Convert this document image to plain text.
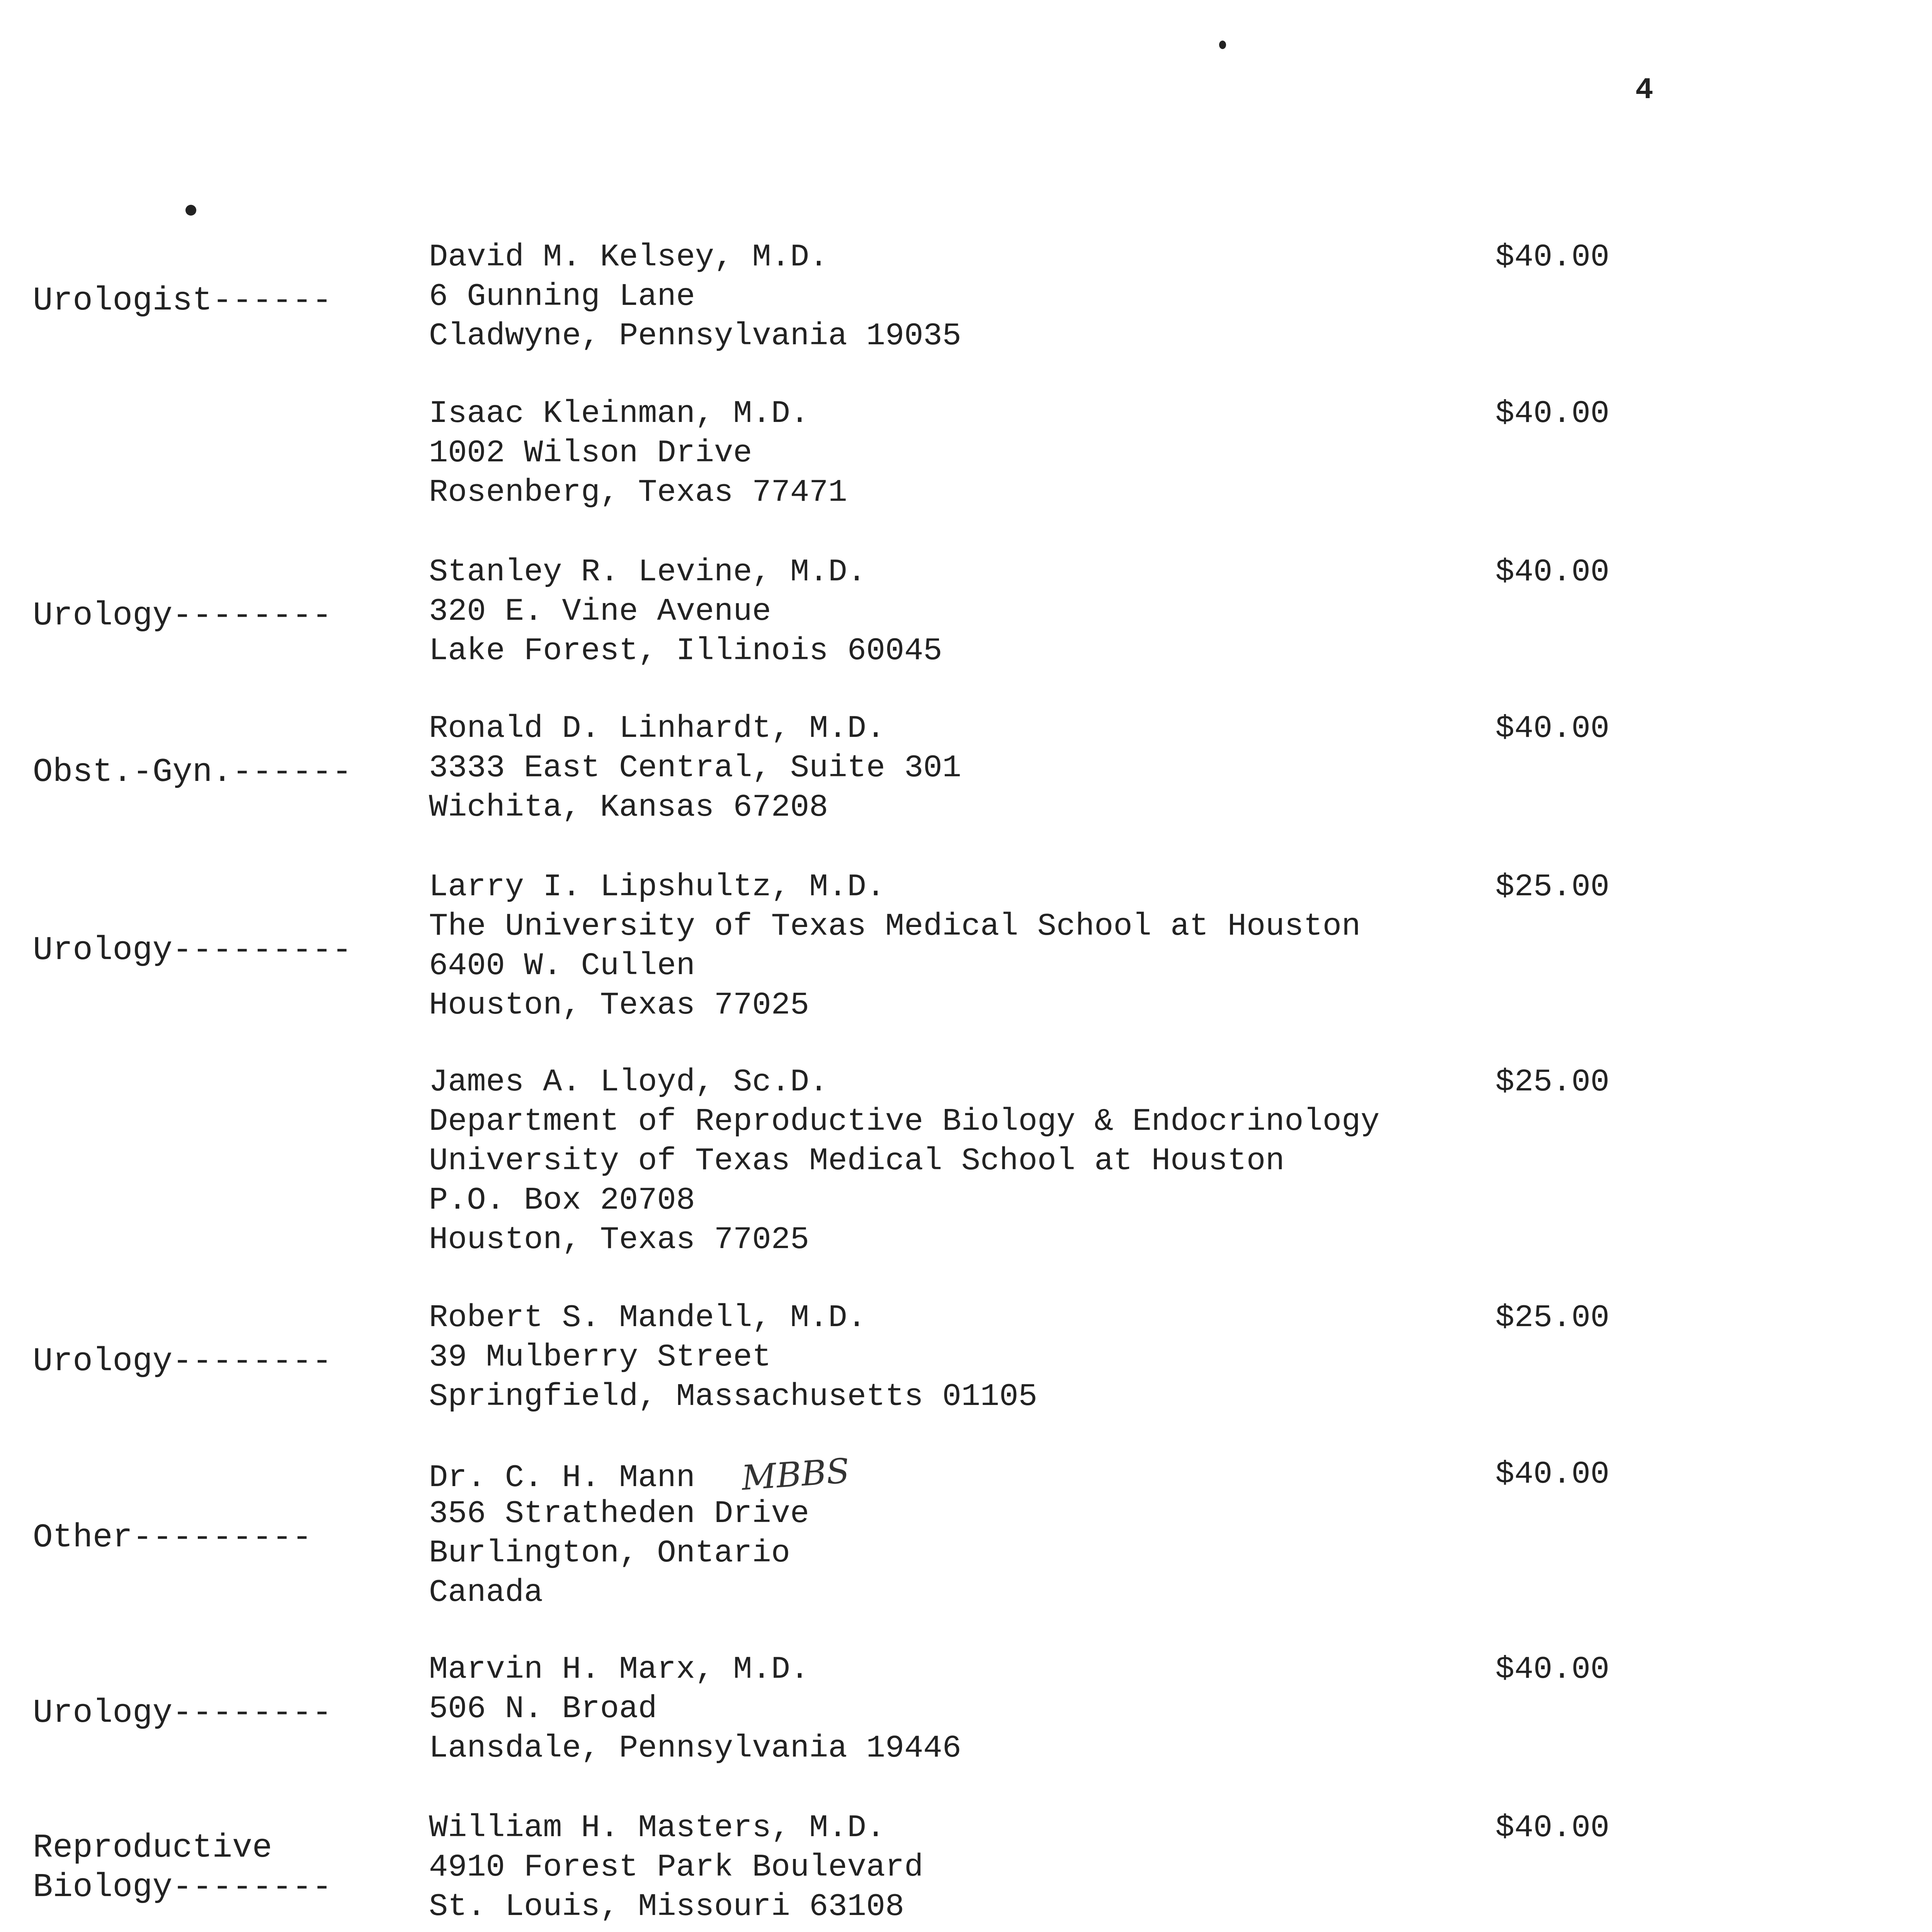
4
David M. Kelsey, M.D.
6 Gunning Lane
Cladwyne, Pennsylvania 19035
Urologist------
$40.00
Isaac Kleinman, M.D.
1002 Wilson Drive
Rosenberg, Texas 77471
$40.00
Stanley R. Levine, M.D.
320 E. Vine Avenue
Lake Forest, Illinois 60045
Urology--------
$40.00
Ronald D. Linhardt, M.D.
3333 East Central, Suite 301
Wichita, Kansas 67208
Obst.-Gyn.------
$40.00
Larry I. Lipshultz, M.D.
The University of Texas Medical School at Houston
6400 W. Cullen
Houston, Texas 77025
Urology---------
$25.00
James A. Lloyd, Sc.D.
Department of Reproductive Biology & Endocrinology
University of Texas Medical School at Houston
P.O. Box 20708
Houston, Texas 77025
$25.00
Robert S. Mandell, M.D.
39 Mulberry Street
Springfield, Massachusetts 01105
Urology--------
$25.00
Dr. C. H. Mann MBBS
356 Stratheden Drive
Burlington, Ontario
Canada
Other---------
$40.00
Marvin H. Marx, M.D.
506 N. Broad
Lansdale, Pennsylvania 19446
Urology--------
$40.00
William H. Masters, M.D.
4910 Forest Park Boulevard
St. Louis, Missouri 63108
Reproductive
Biology--------
$40.00
